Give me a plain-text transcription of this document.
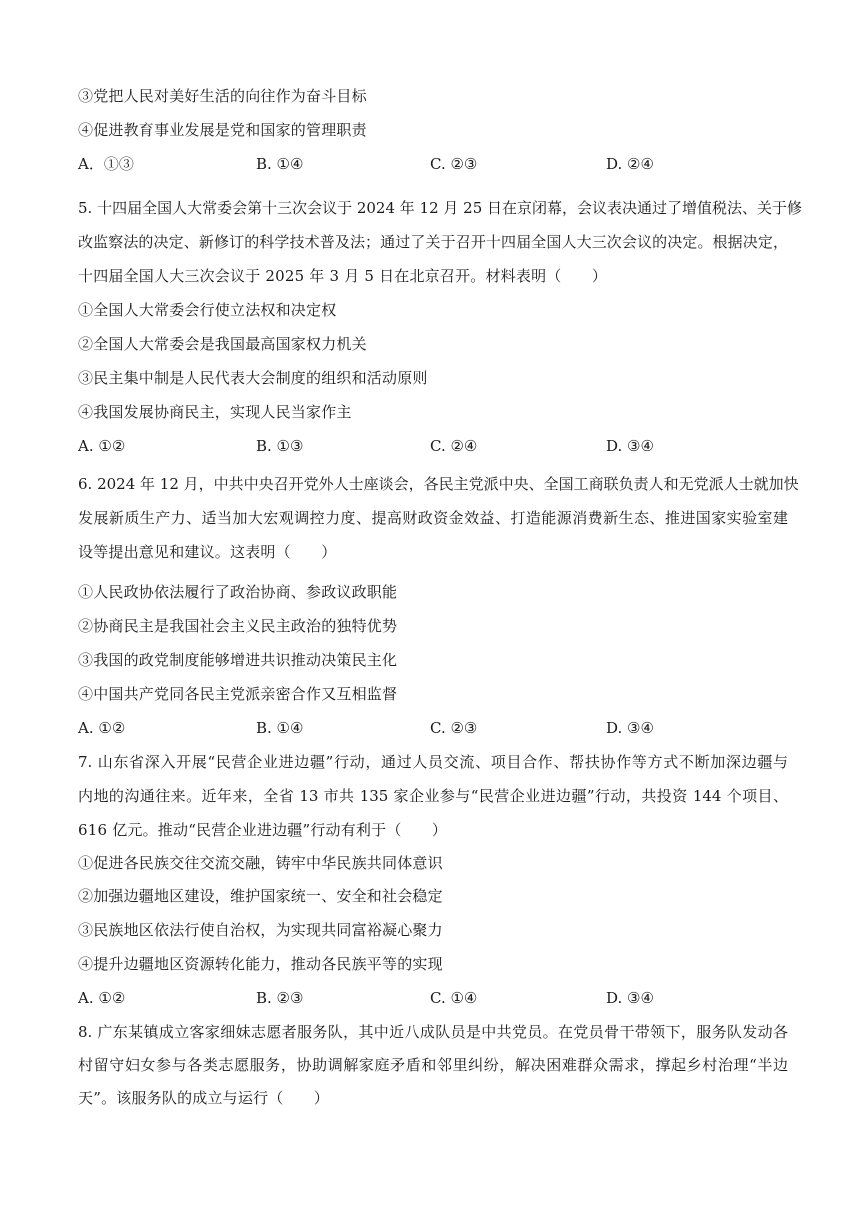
③党把人民对美好生活的向往作为奋斗目标
④促进教育事业发展是党和国家的管理职责
A．①③	B. ①④	C. ②③	D. ②④
5. 十四届全国人大常委会第十三次会议于 2024 年 12 月 25 日在京闭幕，会议表决通过了增值税法、关于修
改监察法的决定、新修订的科学技术普及法；通过了关于召开十四届全国人大三次会议的决定。根据决定，
十四届全国人大三次会议于 2025 年 3 月 5 日在北京召开。材料表明（　　）
①全国人大常委会行使立法权和决定权
②全国人大常委会是我国最高国家权力机关
③民主集中制是人民代表大会制度的组织和活动原则
④我国发展协商民主，实现人民当家作主
A. ①②	B. ①③	C. ②④	D. ③④
6. 2024 年 12 月，中共中央召开党外人士座谈会，各民主党派中央、全国工商联负责人和无党派人士就加快
发展新质生产力、适当加大宏观调控力度、提高财政资金效益、打造能源消费新生态、推进国家实验室建
设等提出意见和建议。这表明（　　）
①人民政协依法履行了政治协商、参政议政职能
②协商民主是我国社会主义民主政治的独特优势
③我国的政党制度能够增进共识推动决策民主化
④中国共产党同各民主党派亲密合作又互相监督
A. ①②	B. ①④	C. ②③	D. ③④
7. 山东省深入开展“民营企业进边疆”行动，通过人员交流、项目合作、帮扶协作等方式不断加深边疆与
内地的沟通往来。近年来，全省 13 市共 135 家企业参与“民营企业进边疆”行动，共投资 144 个项目、
616 亿元。推动“民营企业进边疆”行动有利于（　　）
①促进各民族交往交流交融，铸牢中华民族共同体意识
②加强边疆地区建设，维护国家统一、安全和社会稳定
③民族地区依法行使自治权，为实现共同富裕凝心聚力
④提升边疆地区资源转化能力，推动各民族平等的实现
A. ①②	B. ②③	C. ①④	D. ③④
8. 广东某镇成立客家细妹志愿者服务队，其中近八成队员是中共党员。在党员骨干带领下，服务队发动各
村留守妇女参与各类志愿服务，协助调解家庭矛盾和邻里纠纷，解决困难群众需求，撑起乡村治理“半边
天”。该服务队的成立与运行（　　）
